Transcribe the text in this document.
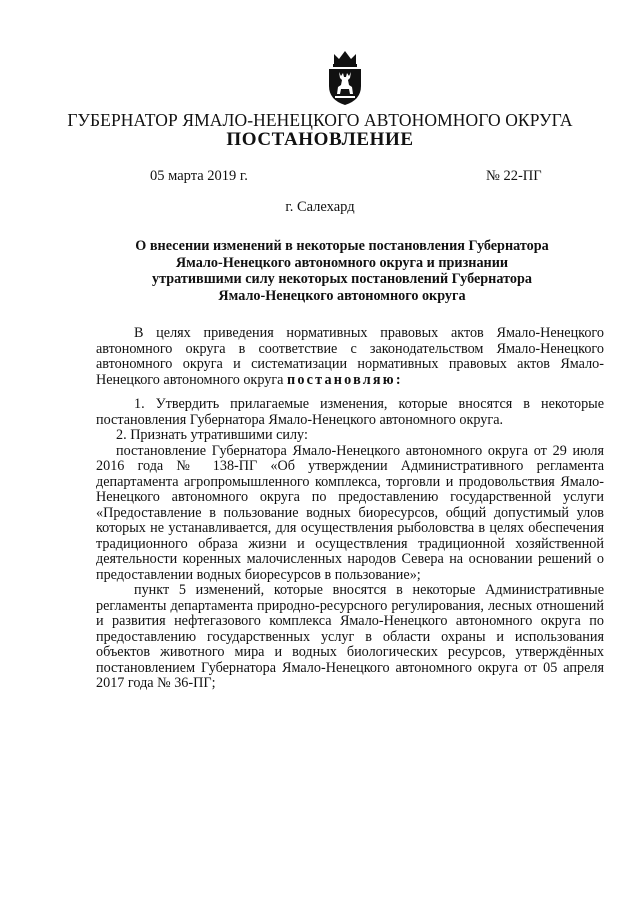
ГУБЕРНАТОР ЯМАЛО-НЕНЕЦКОГО АВТОНОМНОГО ОКРУГА
ПОСТАНОВЛЕНИЕ
05 марта 2019 г.	№ 22-ПГ
г. Салехард
О внесении изменений в некоторые постановления Губернатора
Ямало-Ненецкого автономного округа и признании
утратившими силу некоторых постановлений Губернатора
Ямало-Ненецкого автономного округа

В целях приведения нормативных правовых актов Ямало-Ненецкого автономного округа в соответствие с законодательством Ямало-Ненецкого автономного округа и систематизации нормативных правовых актов Ямало-Ненецкого автономного округа постановляю:

1. Утвердить прилагаемые изменения, которые вносятся в некоторые постановления Губернатора Ямало-Ненецкого автономного округа.

2. Признать утратившими силу:

постановление Губернатора Ямало-Ненецкого автономного округа от 29 июля 2016 года № 138-ПГ «Об утверждении Административного регламента департамента агропромышленного комплекса, торговли и продовольствия Ямало-Ненецкого автономного округа по предоставлению государственной услуги «Предоставление в пользование водных биоресурсов, общий допустимый улов которых не устанавливается, для осуществления рыболовства в целях обеспечения традиционного образа жизни и осуществления традиционной хозяйственной деятельности коренных малочисленных народов Севера на основании решений о предоставлении водных биоресурсов в пользование»;

пункт 5 изменений, которые вносятся в некоторые Административные регламенты департамента природно-ресурсного регулирования, лесных отношений и развития нефтегазового комплекса Ямало-Ненецкого автономного округа по предоставлению государственных услуг в области охраны и использования объектов животного мира и водных биологических ресурсов, утверждённых постановлением Губернатора Ямало-Ненецкого автономного округа от 05 апреля 2017 года № 36-ПГ;
